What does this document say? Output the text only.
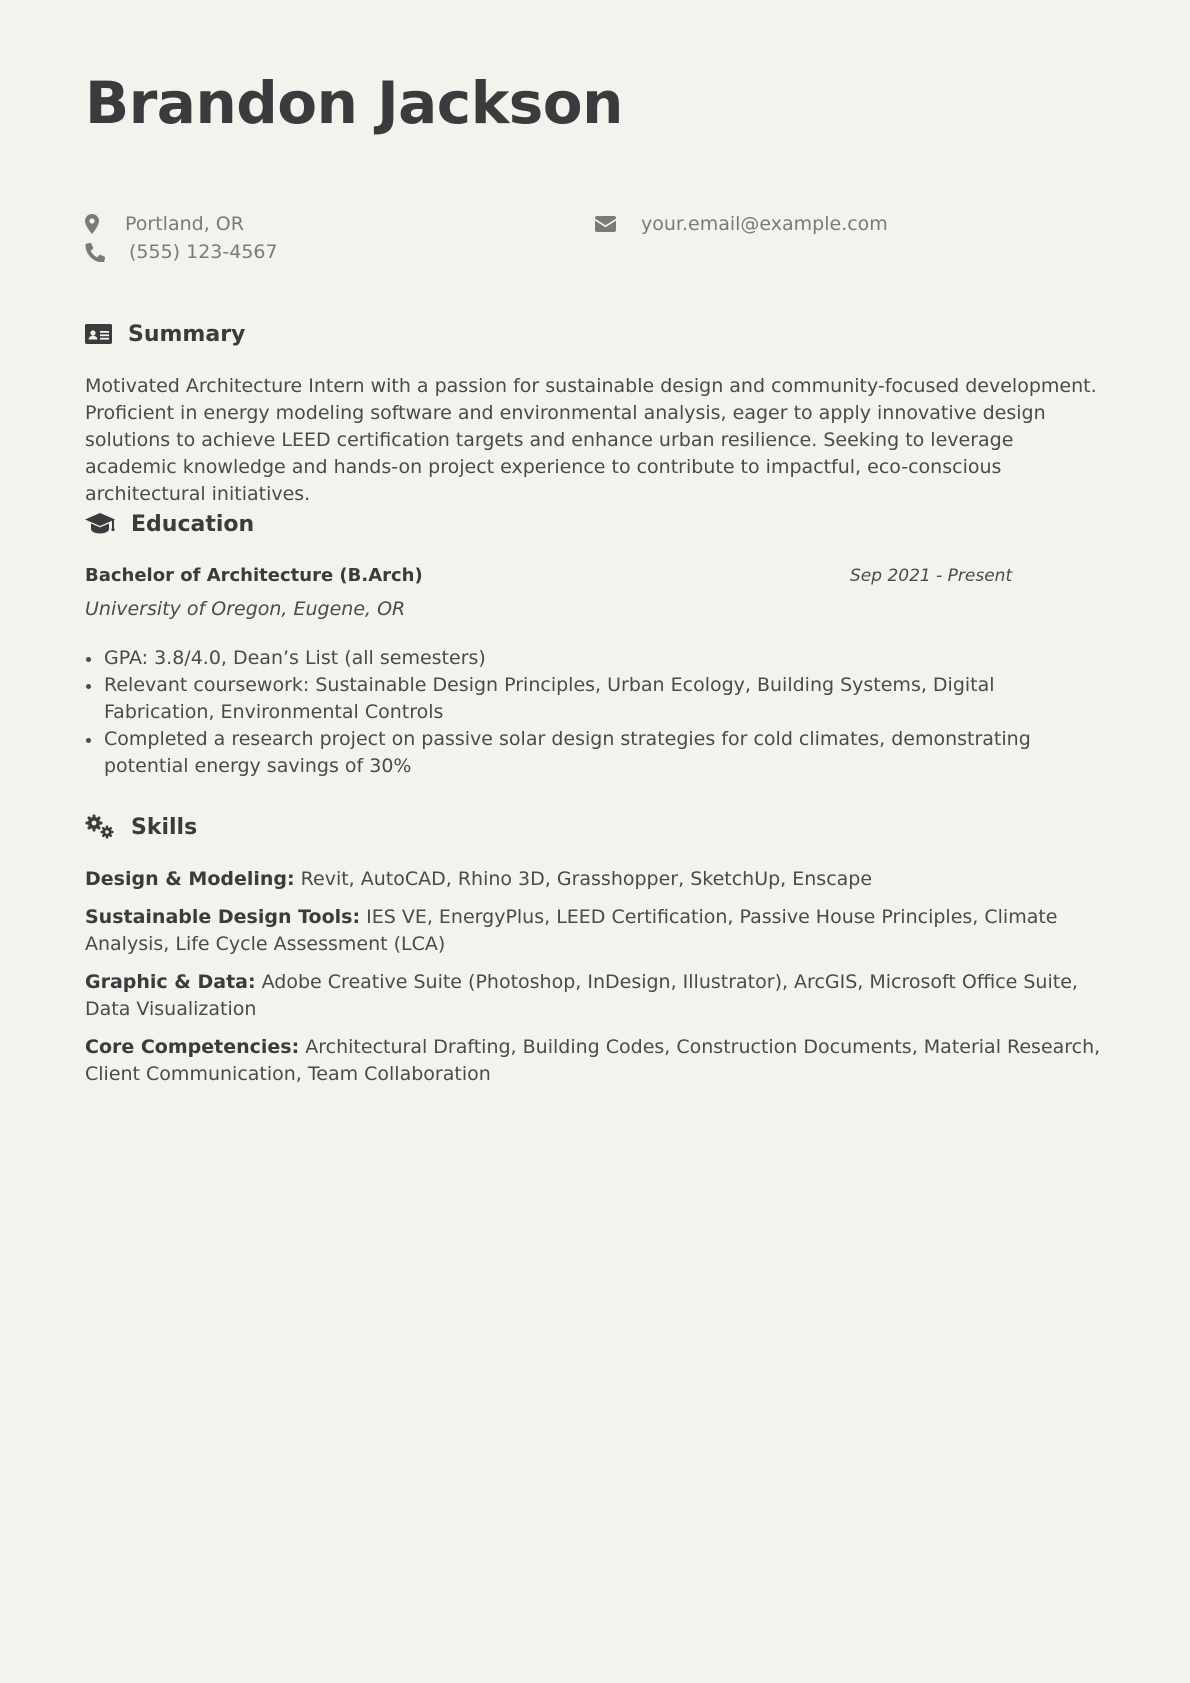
Brandon Jackson
Portland, OR
(555) 123-4567
your.email@example.com
Summary

Motivated Architecture Intern with a passion for sustainable design and community-focused development. Proficient in energy modeling software and environmental analysis, eager to apply innovative design solutions to achieve LEED certification targets and enhance urban resilience. Seeking to leverage academic knowledge and hands-on project experience to contribute to impactful, eco-conscious architectural initiatives.

Education
Bachelor of Architecture (B.Arch)	Sep 2021 - Present
University of Oregon, Eugene, OR
GPA: 3.8/4.0, Dean’s List (all semesters)
Relevant coursework: Sustainable Design Principles, Urban Ecology, Building Systems, Digital Fabrication, Environmental Controls
Completed a research project on passive solar design strategies for cold climates, demonstrating potential energy savings of 30%
Skills

Design & Modeling: Revit, AutoCAD, Rhino 3D, Grasshopper, SketchUp, Enscape

Sustainable Design Tools: IES VE, EnergyPlus, LEED Certification, Passive House Principles, Climate Analysis, Life Cycle Assessment (LCA)

Graphic & Data: Adobe Creative Suite (Photoshop, InDesign, Illustrator), ArcGIS, Microsoft Office Suite, Data Visualization

Core Competencies: Architectural Drafting, Building Codes, Construction Documents, Material Research, Client Communication, Team Collaboration
